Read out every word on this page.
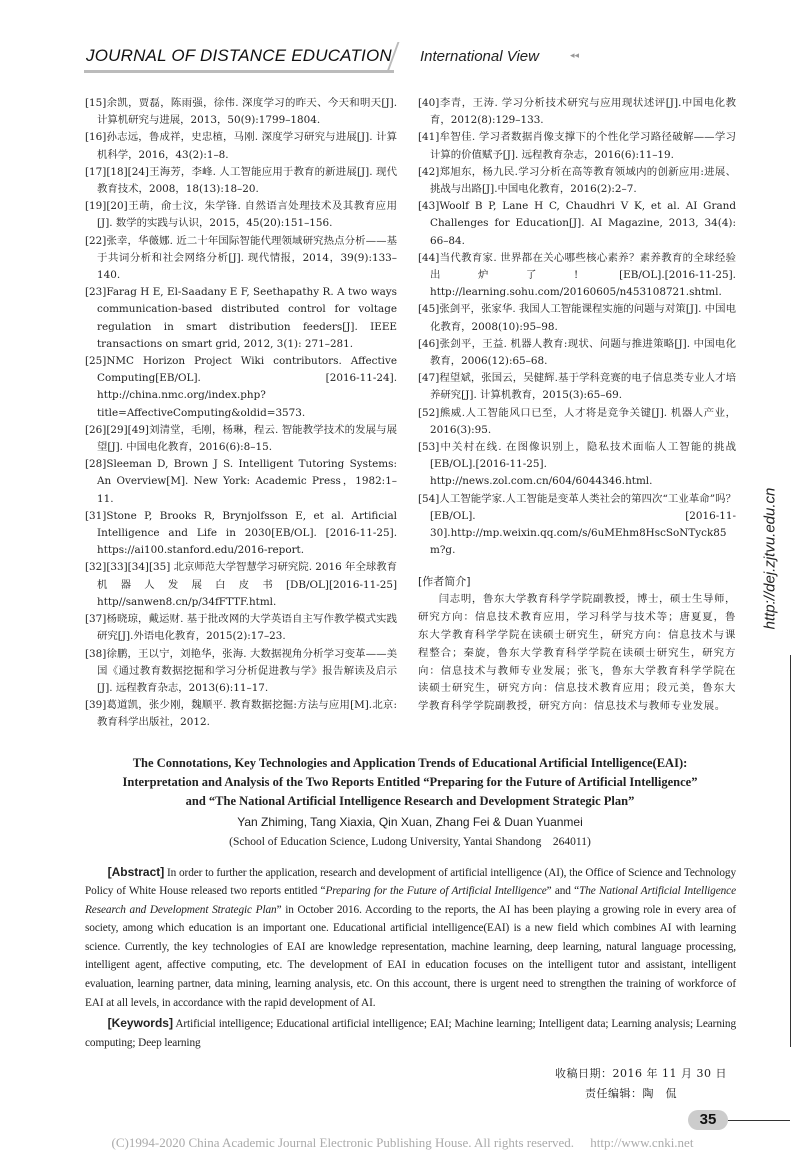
JOURNAL OF DISTANCE EDUCATION International View	◂◂
http://dej.zjtvu.edu.cn
[15]余凯，贾磊，陈雨强，徐伟. 深度学习的昨天、今天和明天[J]. 计算机研究与进展，2013，50(9):1799–1804.
[16]孙志远，鲁成祥，史忠植，马刚. 深度学习研究与进展[J]. 计算机科学，2016，43(2):1–8.
[17][18][24]王海芳，李峰. 人工智能应用于教育的新进展[J]. 现代教育技术，2008，18(13):18–20.
[19][20]王萌，俞士汶，朱学锋. 自然语言处理技术及其教育应用[J]. 数学的实践与认识，2015，45(20):151–156.
[22]张幸，华薇娜. 近二十年国际智能代理领域研究热点分析——基于共词分析和社会网络分析[J]. 现代情报，2014，39(9):133–140.
[23]Farag H E, El-Saadany E F, Seethapathy R. A two ways communication-based distributed control for voltage regulation in smart distribution feeders[J]. IEEE transactions on smart grid, 2012, 3(1): 271–281.
[25]NMC Horizon Project Wiki contributors. Affective Computing[EB/OL]. [2016-11-24]. http://china.nmc.org/index.php?title=AffectiveComputing&oldid=3573.
[26][29][49]刘清堂，毛刚，杨琳，程云. 智能教学技术的发展与展望[J]. 中国电化教育，2016(6):8–15.
[28]Sleeman D, Brown J S. Intelligent Tutoring Systems: An Overview[M]. New York: Academic Press，1982:1–11.
[31]Stone P, Brooks R, Brynjolfsson E, et al. Artificial Intelligence and Life in 2030[EB/OL]. [2016-11-25]. https://ai100.stanford.edu/2016-report.
[32][33][34][35] 北京师范大学智慧学习研究院. 2016 年全球教育机器人发展白皮书[DB/OL][2016-11-25] http//sanwen8.cn/p/34fFTTF.html.
[37]杨晓琼，戴运财. 基于批改网的大学英语自主写作教学模式实践研究[J].外语电化教育，2015(2):17–23.
[38]徐鹏，王以宁，刘艳华，张海. 大数据视角分析学习变革——美国《通过教育数据挖掘和学习分析促进教与学》报告解读及启示[J]. 远程教育杂志，2013(6):11–17.
[39]葛道凯，张少刚，魏顺平. 教育数据挖掘:方法与应用[M].北京:教育科学出版社，2012.
[40]李青，王涛. 学习分析技术研究与应用现状述评[J].中国电化教育，2012(8):129–133.
[41]牟智佳. 学习者数据肖像支撑下的个性化学习路径破解——学习计算的价值赋予[J]. 远程教育杂志，2016(6):11–19.
[42]郑旭东，杨九民.学习分析在高等教育领域内的创新应用:进展、挑战与出路[J].中国电化教育，2016(2):2–7.
[43]Woolf B P, Lane H C, Chaudhri V K, et al. AI Grand Challenges for Education[J]. AI Magazine, 2013, 34(4): 66–84.
[44]当代教育家. 世界都在关心哪些核心素养？素养教育的全球经验出炉了! [EB/OL].[2016-11-25]. http://learning.sohu.com/20160605/n453108721.shtml.
[45]张剑平，张家华. 我国人工智能课程实施的问题与对策[J]. 中国电化教育，2008(10):95–98.
[46]张剑平，王益. 机器人教育:现状、问题与推进策略[J]. 中国电化教育，2006(12):65–68.
[47]程望斌，张国云，吴健辉.基于学科竞赛的电子信息类专业人才培养研究[J]. 计算机教育，2015(3):65–69.
[52]熊威.人工智能风口已至，人才将是竞争关键[J]. 机器人产业，2016(3):95.
[53]中关村在线. 在图像识别上，隐私技术面临人工智能的挑战[EB/OL].[2016-11-25]. http://news.zol.com.cn/604/6044346.html.
[54]人工智能学家.人工智能是变革人类社会的第四次“工业革命”吗？[EB/OL]. [2016-11-30].http://mp.weixin.qq.com/s/6uMEhm8HscSoNTyck85m?g.
[作者简介]
闫志明，鲁东大学教育科学学院副教授，博士，硕士生导师，研究方向：信息技术教育应用，学习科学与技术等；唐夏夏，鲁东大学教育科学学院在读硕士研究生，研究方向：信息技术与课程整合；秦旋，鲁东大学教育科学学院在读硕士研究生，研究方向：信息技术与教师专业发展；张飞，鲁东大学教育科学学院在读硕士研究生，研究方向：信息技术教育应用；段元美，鲁东大学教育科学学院副教授，研究方向：信息技术与教师专业发展。
The Connotations, Key Technologies and Application Trends of Educational Artificial Intelligence(EAI):
Interpretation and Analysis of the Two Reports Entitled “Preparing for the Future of Artificial Intelligence”
and “The National Artificial Intelligence Research and Development Strategic Plan”
Yan Zhiming, Tang Xiaxia, Qin Xuan, Zhang Fei & Duan Yuanmei
(School of Education Science, Ludong University, Yantai Shandong　264011)

[Abstract] In order to further the application, research and development of artificial intelligence (AI), the Office of Science and Technology Policy of White House released two reports entitled “Preparing for the Future of Artificial Intelligence” and “The National Artificial Intelligence Research and Development Strategic Plan” in October 2016. According to the reports, the AI has been playing a growing role in every area of society, among which education is an important one. Educational artificial intelligence(EAI) is a new field which combines AI with learning science. Currently, the key technologies of EAI are knowledge representation, machine learning, deep learning, natural language processing, intelligent agent, affective computing, etc. The development of EAI in education focuses on the intelligent tutor and assistant, intelligent evaluation, learning partner, data mining, learning analysis, etc. On this account, there is urgent need to strengthen the training of workforce of EAI at all levels, in accordance with the rapid development of AI.

[Keywords] Artificial intelligence; Educational artificial intelligence; EAI; Machine learning; Intelligent data; Learning analysis; Learning computing; Deep learning

收稿日期：2016 年 11 月 30 日
责任编辑：陶　侃
35
(C)1994-2020 China Academic Journal Electronic Publishing House. All rights reserved.　 http://www.cnki.net
